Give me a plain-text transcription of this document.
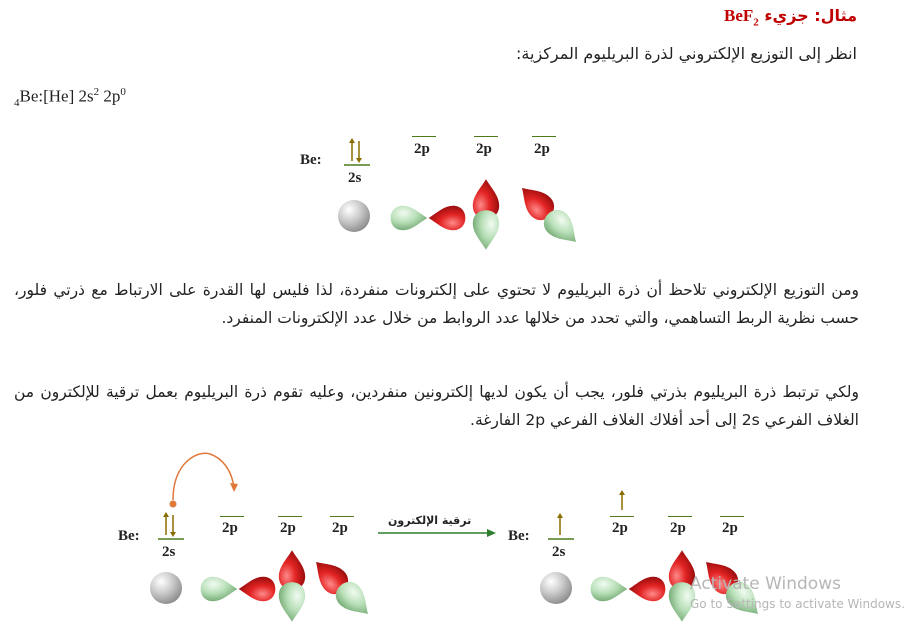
مثال: جزيء BeF$_2$
انظر إلى التوزيع الإلكتروني لذرة البريليوم المركزية:
$_4$Be:[He] $2s^2$ $2p^0$
Be:
2s
2p	2p	2p
ومن التوزيع الإلكتروني تلاحظ أن ذرة البريليوم لا تحتوي على إلكترونات منفردة، لذا فليس لها القدرة على الارتباط مع ذرتي فلور، حسب نظرية الربط التساهمي، والتي تحدد من خلالها عدد الروابط من خلال عدد الإلكترونات المنفرد.
ولكي ترتبط ذرة البريليوم بذرتي فلور، يجب أن يكون لديها إلكترونين منفردين، وعليه تقوم ذرة البريليوم بعمل ترقية للإلكترون من الغلاف الفرعي 2s إلى أحد أفلاك الغلاف الفرعي 2p الفارغة.
Be:
2s
2p	2p 2p	ترقية الإلكترون
Be:
2s
2p	2p 2p
Activate Windows
Go to Settings to activate Windows.
